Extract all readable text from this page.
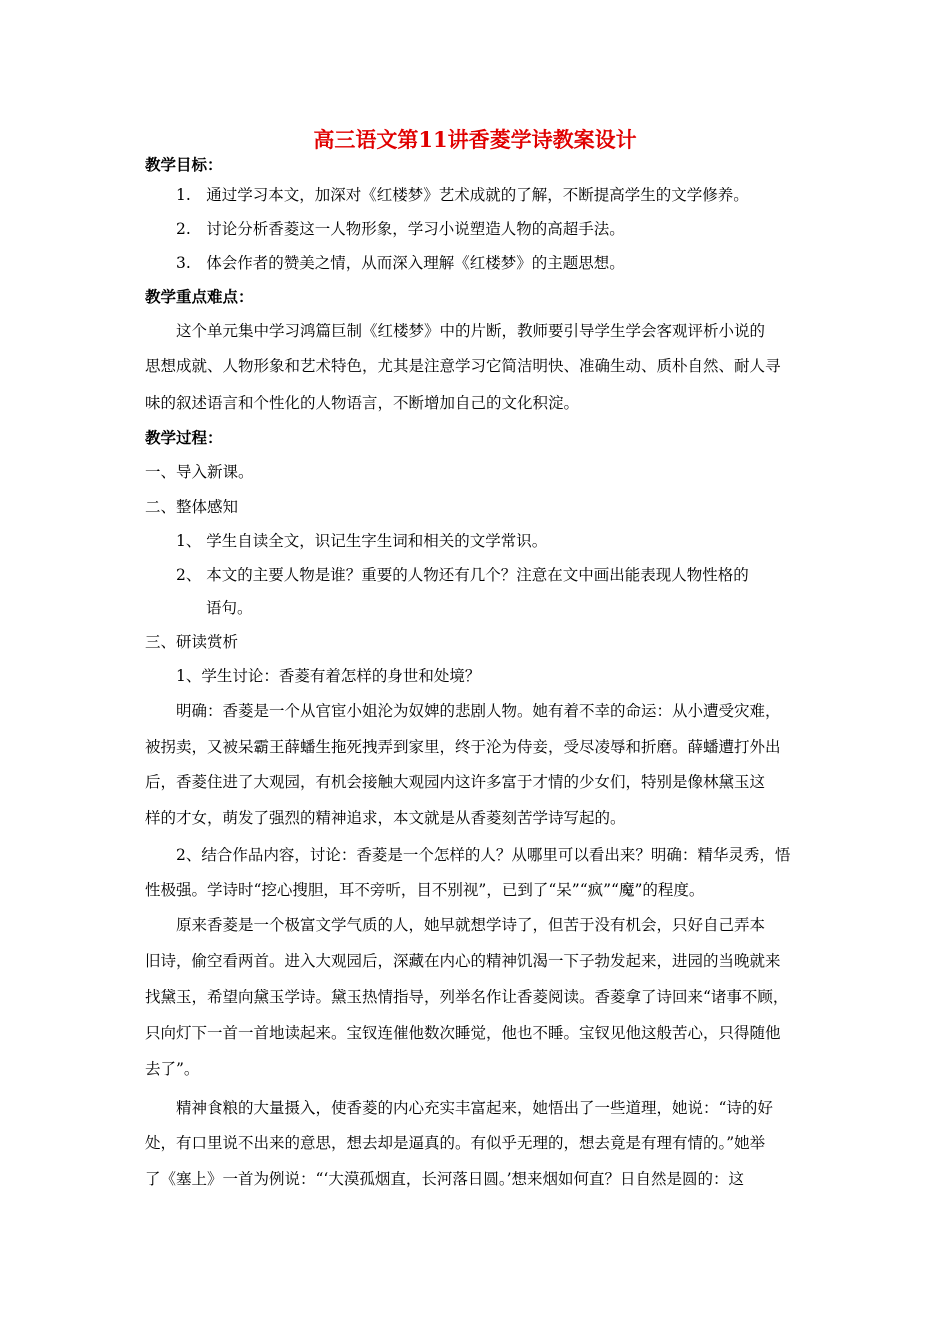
高三语文第11讲香菱学诗教案设计
教学目标：
1.　通过学习本文，加深对《红楼梦》艺术成就的了解，不断提高学生的文学修养。
2.　讨论分析香菱这一人物形象，学习小说塑造人物的高超手法。
3.　体会作者的赞美之情，从而深入理解《红楼梦》的主题思想。
教学重点难点：
这个单元集中学习鸿篇巨制《红楼梦》中的片断，教师要引导学生学会客观评析小说的
思想成就、人物形象和艺术特色，尤其是注意学习它简洁明快、准确生动、质朴自然、耐人寻
味的叙述语言和个性化的人物语言，不断增加自己的文化积淀。
教学过程：
一、导入新课。
二、整体感知
1、 学生自读全文，识记生字生词和相关的文学常识。
2、 本文的主要人物是谁？重要的人物还有几个？注意在文中画出能表现人物性格的
语句。
三、研读赏析
1、学生讨论：香菱有着怎样的身世和处境？
明确：香菱是一个从官宦小姐沦为奴婢的悲剧人物。她有着不幸的命运：从小遭受灾难，
被拐卖，又被呆霸王薛蟠生拖死拽弄到家里，终于沦为侍妾，受尽凌辱和折磨。薛蟠遭打外出
后，香菱住进了大观园，有机会接触大观园内这许多富于才情的少女们，特别是像林黛玉这
样的才女，萌发了强烈的精神追求，本文就是从香菱刻苦学诗写起的。
2、结合作品内容，讨论：香菱是一个怎样的人？从哪里可以看出来？明确：精华灵秀，悟
性极强。学诗时“挖心搜胆，耳不旁听，目不别视”，已到了“呆”“疯”“魔”的程度。
原来香菱是一个极富文学气质的人，她早就想学诗了，但苦于没有机会，只好自己弄本
旧诗，偷空看两首。进入大观园后，深藏在内心的精神饥渴一下子勃发起来，进园的当晚就来
找黛玉，希望向黛玉学诗。黛玉热情指导，列举名作让香菱阅读。香菱拿了诗回来“诸事不顾，
只向灯下一首一首地读起来。宝钗连催他数次睡觉，他也不睡。宝钗见他这般苦心，只得随他
去了”。
精神食粮的大量摄入，使香菱的内心充实丰富起来，她悟出了一些道理，她说：“诗的好
处，有口里说不出来的意思，想去却是逼真的。有似乎无理的，想去竟是有理有情的。”她举
了《塞上》一首为例说：“‘大漠孤烟直，长河落日圆。’想来烟如何直？日自然是圆的：这
